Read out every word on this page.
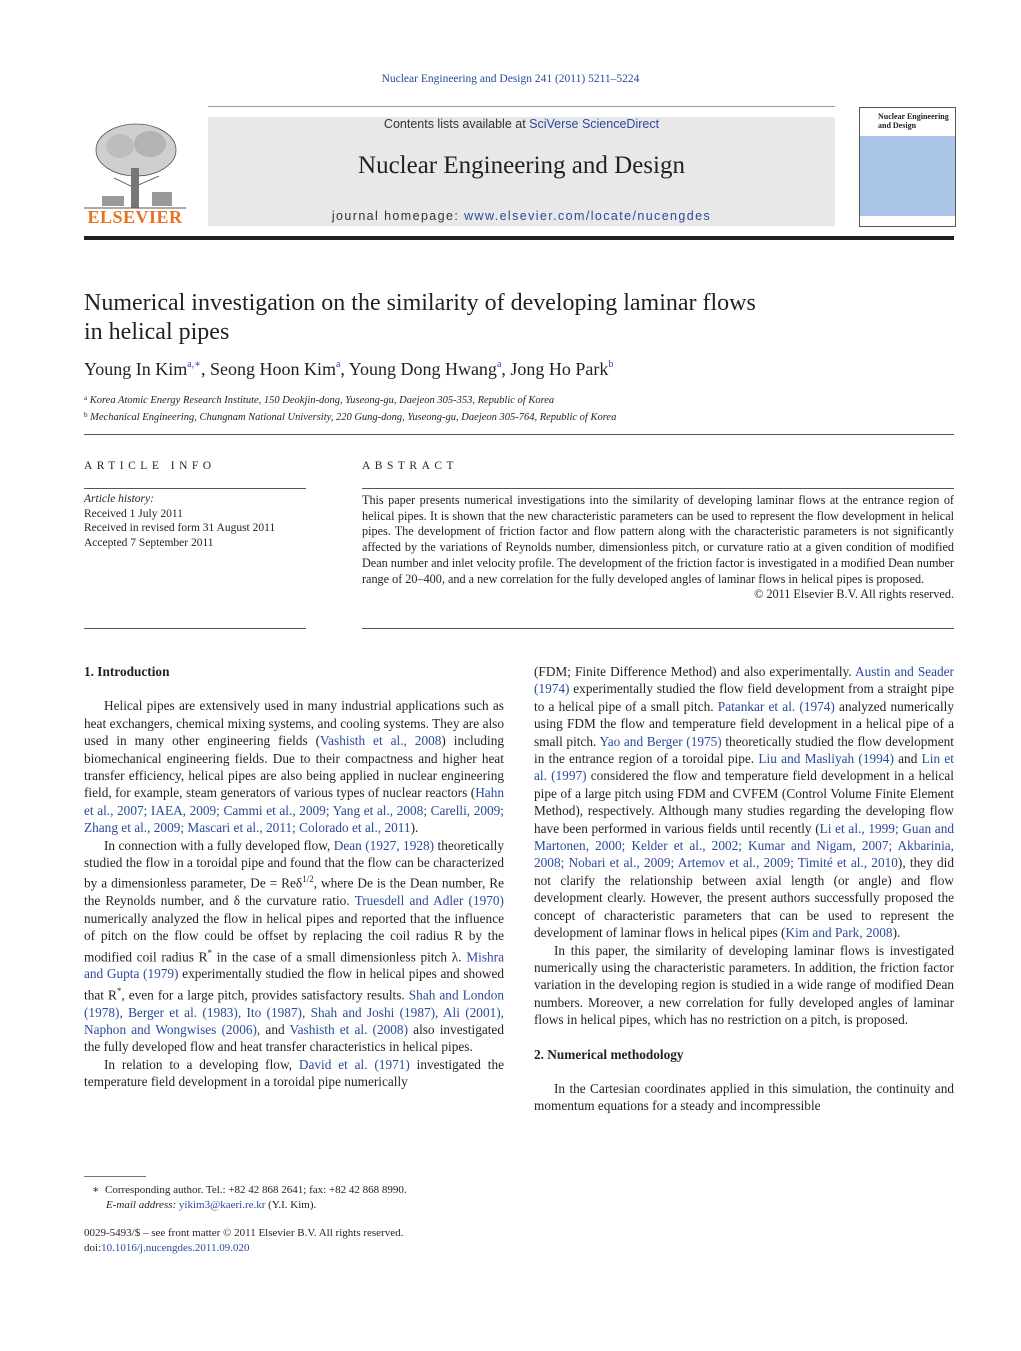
Nuclear Engineering and Design 241 (2011) 5211–5224
ELSEVIER
Contents lists available at SciVerse ScienceDirect
Nuclear Engineering and Design
journal homepage: www.elsevier.com/locate/nucengdes
Nuclear Engineering
and Design
Numerical investigation on the similarity of developing laminar flows
in helical pipes
Young In Kim$^{a,∗}$, Seong Hoon Kim$^a$, Young Dong Hwang$^a$, Jong Ho Park$^b$
$^a$ Korea Atomic Energy Research Institute, 150 Deokjin-dong, Yuseong-gu, Daejeon 305-353, Republic of Korea
$^b$ Mechanical Engineering, Chungnam National University, 220 Gung-dong, Yuseong-gu, Daejeon 305-764, Republic of Korea
ARTICLE INFO	ABSTRACT
Article history:
Received 1 July 2011
Received in revised form 31 August 2011
Accepted 7 September 2011
This paper presents numerical investigations into the similarity of developing laminar flows at the entrance region of helical pipes. It is shown that the new characteristic parameters can be used to represent the flow development in helical pipes. The development of friction factor and flow pattern along with the characteristic parameters is not significantly affected by the variations of Reynolds number, dimensionless pitch, or curvature ratio at a given condition of modified Dean number and inlet velocity profile. The development of the friction factor is investigated in a modified Dean number range of 20–400, and a new correlation for the fully developed angles of laminar flows in helical pipes is proposed.
© 2011 Elsevier B.V. All rights reserved.
1. Introduction

Helical pipes are extensively used in many industrial applications such as heat exchangers, chemical mixing systems, and cooling systems. They are also used in many other engineering fields (Vashisth et al., 2008) including biomechanical engineering fields. Due to their compactness and higher heat transfer efficiency, helical pipes are also being applied in nuclear engineering field, for example, steam generators of various types of nuclear reactors (Hahn et al., 2007; IAEA, 2009; Cammi et al., 2009; Yang et al., 2008; Carelli, 2009; Zhang et al., 2009; Mascari et al., 2011; Colorado et al., 2011).

In connection with a fully developed flow, Dean (1927, 1928) theoretically studied the flow in a toroidal pipe and found that the flow can be characterized by a dimensionless parameter, De = Reδ$^{1/2}$, where De is the Dean number, Re the Reynolds number, and δ the curvature ratio. Truesdell and Adler (1970) numerically analyzed the flow in helical pipes and reported that the influence of pitch on the flow could be offset by replacing the coil radius R by the modified coil radius R* in the case of a small dimensionless pitch λ. Mishra and Gupta (1979) experimentally studied the flow in helical pipes and showed that R*, even for a large pitch, provides satisfactory results. Shah and London (1978), Berger et al. (1983), Ito (1987), Shah and Joshi (1987), Ali (2001), Naphon and Wongwises (2006), and Vashisth et al. (2008) also investigated the fully developed flow and heat transfer characteristics in helical pipes.

In relation to a developing flow, David et al. (1971) investigated the temperature field development in a toroidal pipe numerically

(FDM; Finite Difference Method) and also experimentally. Austin and Seader (1974) experimentally studied the flow field development from a straight pipe to a helical pipe of a small pitch. Patankar et al. (1974) analyzed numerically using FDM the flow and temperature field development in a helical pipe of a small pitch. Yao and Berger (1975) theoretically studied the flow development in the entrance region of a toroidal pipe. Liu and Masliyah (1994) and Lin et al. (1997) considered the flow and temperature field development in a helical pipe of a large pitch using FDM and CVFEM (Control Volume Finite Element Method), respectively. Although many studies regarding the developing flow have been performed in various fields until recently (Li et al., 1999; Guan and Martonen, 2000; Kelder et al., 2002; Kumar and Nigam, 2007; Akbarinia, 2008; Nobari et al., 2009; Artemov et al., 2009; Timité et al., 2010), they did not clarify the relationship between axial length (or angle) and flow development clearly. However, the present authors successfully proposed the concept of characteristic parameters that can be used to represent the development of laminar flows in helical pipes (Kim and Park, 2008).

In this paper, the similarity of developing laminar flows is investigated numerically using the characteristic parameters. In addition, the friction factor variation in the developing region is studied in a wide range of modified Dean numbers. Moreover, a new correlation for fully developed angles of laminar flows in helical pipes, which has no restriction on a pitch, is proposed.

2. Numerical methodology

In the Cartesian coordinates applied in this simulation, the continuity and momentum equations for a steady and incompressible

∗ Corresponding author. Tel.: +82 42 868 2641; fax: +82 42 868 8990.
E-mail address: yikim3@kaeri.re.kr (Y.I. Kim).
0029-5493/$ – see front matter © 2011 Elsevier B.V. All rights reserved.
doi:10.1016/j.nucengdes.2011.09.020
